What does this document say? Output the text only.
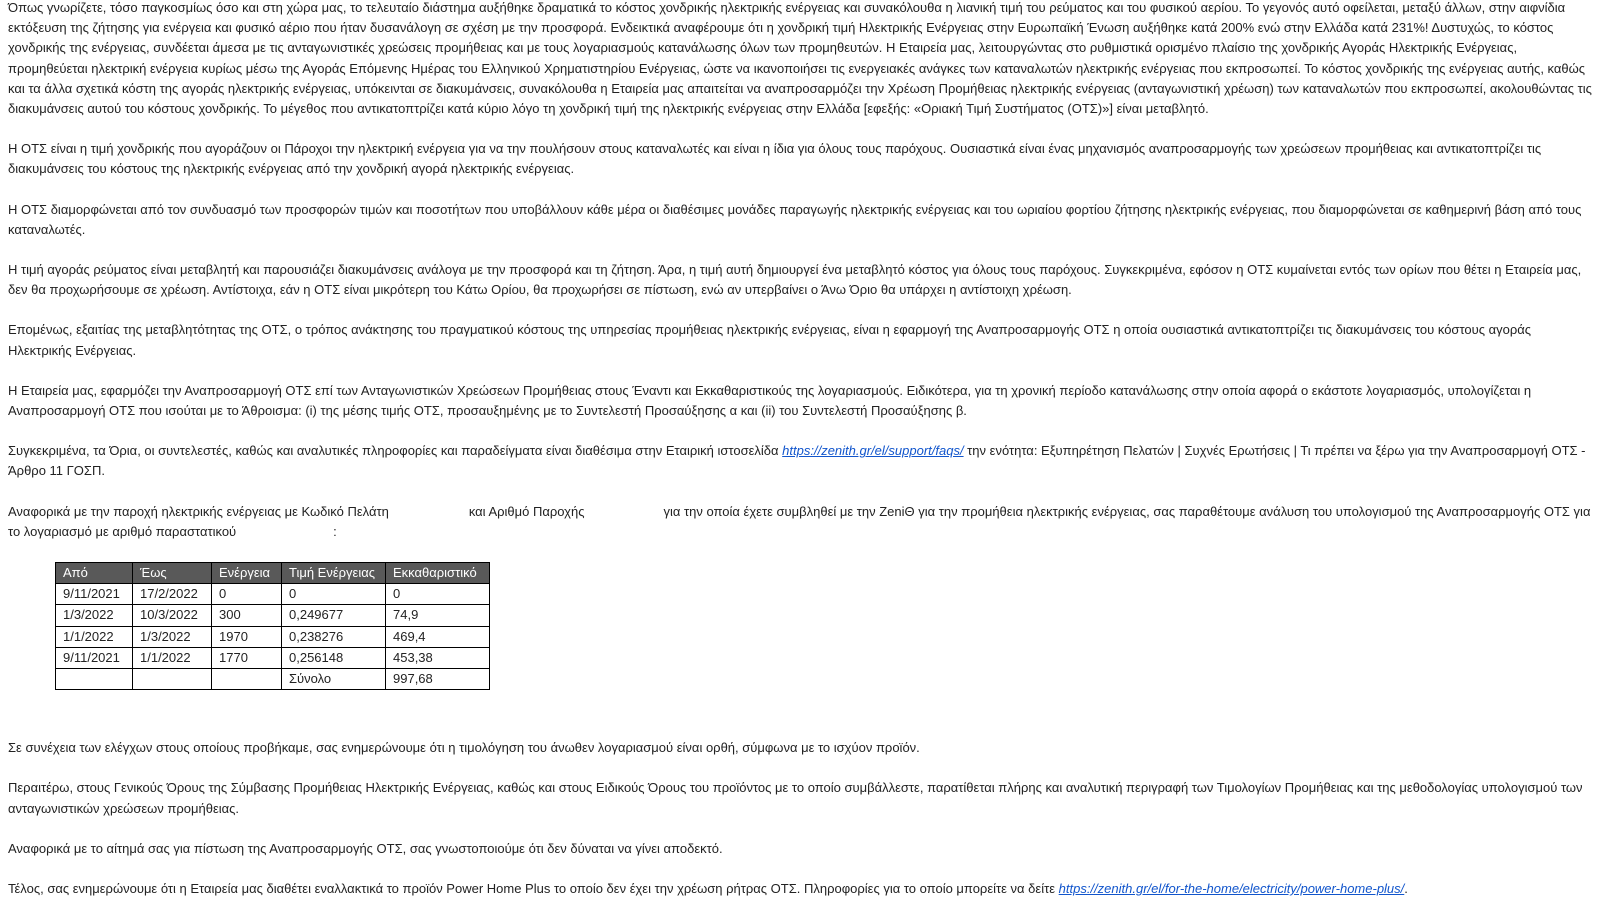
Όπως γνωρίζετε, τόσο παγκοσμίως όσο και στη χώρα μας, το τελευταίο διάστημα αυξήθηκε δραματικά το κόστος χονδρικής ηλεκτρικής ενέργειας και συνακόλουθα η λιανική τιμή του ρεύματος και του φυσικού αερίου. Το γεγονός αυτό οφείλεται, μεταξύ άλλων, στην αιφνίδια εκτόξευση της ζήτησης για ενέργεια και φυσικό αέριο που ήταν δυσανάλογη σε σχέση με την προσφορά. Ενδεικτικά αναφέρουμε ότι η χονδρική τιμή Ηλεκτρικής Ενέργειας στην Ευρωπαϊκή Ένωση αυξήθηκε κατά 200% ενώ στην Ελλάδα κατά 231%! Δυστυχώς, το κόστος χονδρικής της ενέργειας, συνδέεται άμεσα με τις ανταγωνιστικές χρεώσεις προμήθειας και με τους λογαριασμούς κατανάλωσης όλων των προμηθευτών. Η Εταιρεία μας, λειτουργώντας στο ρυθμιστικά ορισμένο πλαίσιο της χονδρικής Αγοράς Ηλεκτρικής Ενέργειας, προμηθεύεται ηλεκτρική ενέργεια κυρίως μέσω της Αγοράς Επόμενης Ημέρας του Ελληνικού Χρηματιστηρίου Ενέργειας, ώστε να ικανοποιήσει τις ενεργειακές ανάγκες των καταναλωτών ηλεκτρικής ενέργειας που εκπροσωπεί. Το κόστος χονδρικής της ενέργειας αυτής, καθώς και τα άλλα σχετικά κόστη της αγοράς ηλεκτρικής ενέργειας, υπόκεινται σε διακυμάνσεις, συνακόλουθα η Εταιρεία μας απαιτείται να αναπροσαρμόζει την Χρέωση Προμήθειας ηλεκτρικής ενέργειας (ανταγωνιστική χρέωση) των καταναλωτών που εκπροσωπεί, ακολουθώντας τις διακυμάνσεις αυτού του κόστους χονδρικής. Το μέγεθος που αντικατοπτρίζει κατά κύριο λόγο τη χονδρική τιμή της ηλεκτρικής ενέργειας στην Ελλάδα [εφεξής: «Οριακή Τιμή Συστήματος (ΟΤΣ)»] είναι μεταβλητό.

Η ΟΤΣ είναι η τιμή χονδρικής που αγοράζουν οι Πάροχοι την ηλεκτρική ενέργεια για να την πουλήσουν στους καταναλωτές και είναι η ίδια για όλους τους παρόχους. Ουσιαστικά είναι ένας μηχανισμός αναπροσαρμογής των χρεώσεων προμήθειας και αντικατοπτρίζει τις διακυμάνσεις του κόστους της ηλεκτρικής ενέργειας από την χονδρική αγορά ηλεκτρικής ενέργειας.

Η ΟΤΣ διαμορφώνεται από τον συνδυασμό των προσφορών τιμών και ποσοτήτων που υποβάλλουν κάθε μέρα οι διαθέσιμες μονάδες παραγωγής ηλεκτρικής ενέργειας και του ωριαίου φορτίου ζήτησης ηλεκτρικής ενέργειας, που διαμορφώνεται σε καθημερινή βάση από τους καταναλωτές.

Η τιμή αγοράς ρεύματος είναι μεταβλητή και παρουσιάζει διακυμάνσεις ανάλογα με την προσφορά και τη ζήτηση. Άρα, η τιμή αυτή δημιουργεί ένα μεταβλητό κόστος για όλους τους παρόχους. Συγκεκριμένα, εφόσον η ΟΤΣ κυμαίνεται εντός των ορίων που θέτει η Εταιρεία μας, δεν θα προχωρήσουμε σε χρέωση. Αντίστοιχα, εάν η ΟΤΣ είναι μικρότερη του Κάτω Ορίου, θα προχωρήσει σε πίστωση, ενώ αν υπερβαίνει ο Άνω Όριο θα υπάρχει η αντίστοιχη χρέωση.

Επομένως, εξαιτίας της μεταβλητότητας της ΟΤΣ, ο τρόπος ανάκτησης του πραγματικού κόστους της υπηρεσίας προμήθειας ηλεκτρικής ενέργειας, είναι η εφαρμογή της Αναπροσαρμογής ΟΤΣ η οποία ουσιαστικά αντικατοπτρίζει τις διακυμάνσεις του κόστους αγοράς Ηλεκτρικής Ενέργειας.

Η Εταιρεία μας, εφαρμόζει την Αναπροσαρμογή ΟΤΣ επί των Ανταγωνιστικών Χρεώσεων Προμήθειας στους Έναντι και Εκκαθαριστικούς της λογαριασμούς. Ειδικότερα, για τη χρονική περίοδο κατανάλωσης στην οποία αφορά ο εκάστοτε λογαριασμός, υπολογίζεται η Αναπροσαρμογή ΟΤΣ που ισούται με το Άθροισμα: (i) της μέσης τιμής ΟΤΣ, προσαυξημένης με το Συντελεστή Προσαύξησης α και (ii) του Συντελεστή Προσαύξησης β.

Συγκεκριμένα, τα Όρια, οι συντελεστές, καθώς και αναλυτικές πληροφορίες και παραδείγματα είναι διαθέσιμα στην Εταιρική ιστοσελίδα https://zenith.gr/el/support/faqs/ την ενότητα: Εξυπηρέτηση Πελατών | Συχνές Ερωτήσεις | Τι πρέπει να ξέρω για την Αναπροσαρμογή ΟΤΣ - Άρθρο 11 ΓΟΣΠ.

Αναφορικά με την παροχή ηλεκτρικής ενέργειας με Κωδικό Πελάτη	και Αριθμό Παροχής	για την οποία έχετε συμβληθεί με την ΖeniΘ για την προμήθεια ηλεκτρικής ενέργειας, σας παραθέτουμε ανάλυση του υπολογισμού της Αναπροσαρμογής ΟΤΣ για το λογαριασμό με αριθμό παραστατικού	:

Από	Έως	Ενέργεια	Τιμή Ενέργειας	Εκκαθαριστικό
9/11/2021	17/2/2022	0	0	0
1/3/2022	10/3/2022	300	0,249677	74,9
1/1/2022	1/3/2022	1970	0,238276	469,4
9/11/2021	1/1/2022	1770	0,256148	453,38
			Σύνολο	997,68

Σε συνέχεια των ελέγχων στους οποίους προβήκαμε, σας ενημερώνουμε ότι η τιμολόγηση του άνωθεν λογαριασμού είναι ορθή, σύμφωνα με το ισχύον προϊόν.

Περαιτέρω, στους Γενικούς Όρους της Σύμβασης Προμήθειας Ηλεκτρικής Ενέργειας, καθώς και στους Ειδικούς Όρους του προϊόντος με το οποίο συμβάλλεστε, παρατίθεται πλήρης και αναλυτική περιγραφή των Τιμολογίων Προμήθειας και της μεθοδολογίας υπολογισμού των ανταγωνιστικών χρεώσεων προμήθειας.

Αναφορικά με το αίτημά σας για πίστωση της Αναπροσαρμογής ΟΤΣ, σας γνωστοποιούμε ότι δεν δύναται να γίνει αποδεκτό.

Τέλος, σας ενημερώνουμε ότι η Εταιρεία μας διαθέτει εναλλακτικά το προϊόν Power Home Plus το οποίο δεν έχει την χρέωση ρήτρας ΟΤΣ. Πληροφορίες για το οποίο μπορείτε να δείτε https://zenith.gr/el/for-the-home/electricity/power-home-plus/.
